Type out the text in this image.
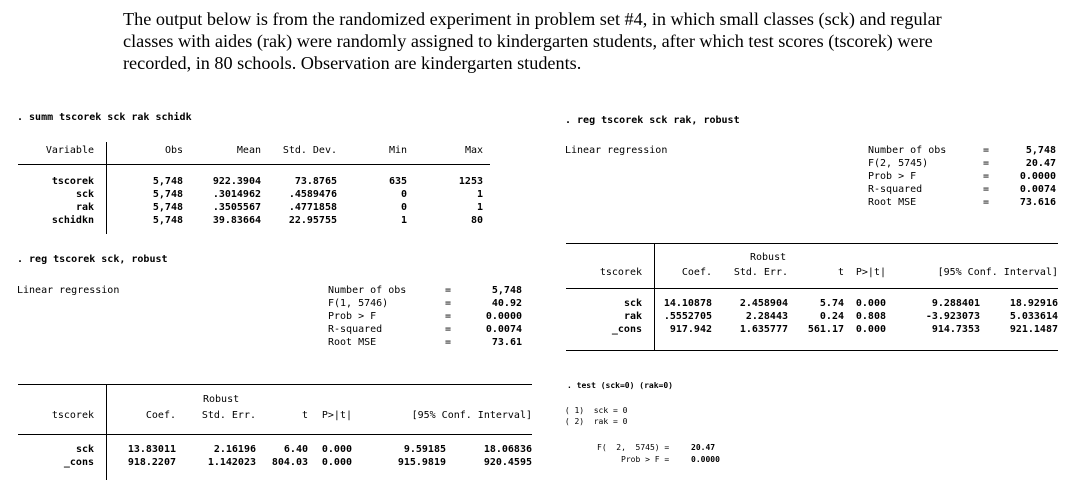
The output below is from the randomized experiment in problem set #4, in which small classes (sck) and regular classes with aides (rak) were randomly assigned to kindergarten students, after which test scores (tscorek) were recorded, in 80 schools. Observation are kindergarten students.

. summ tscorek sck rak schidk
Variable		Obs	Mean	Std. Dev.	Min	Max
tscorek		5,748	922.3904	73.8765	635	1253
sck		5,748	.3014962	.4589476	0	1
rak		5,748	.3505567	.4771858	0	1
schidkn		5,748	39.83664	22.95755	1	80
. reg tscorek sck, robust
Linear regression	Number of obs	=	5,748
F(1, 5746)	=	40.92
Prob > F	=	0.0000
R-squared	=	0.0074
Root MSE	=	73.61
Robust
tscorek		Coef.	Std. Err.	t	P>|t|	[95% Conf. Interval]
sck		13.83011	2.16196	6.40	0.000	9.59185	18.06836
_cons		918.2207	1.142023	804.03	0.000	915.9819	920.4595
. reg tscorek sck rak, robust
Linear regression	Number of obs	=	5,748
F(2, 5745)	=	20.47
Prob > F	=	0.0000
R-squared	=	0.0074
Root MSE	=	73.616
Robust
tscorek		Coef.	Std. Err.	t	P>|t|	[95% Conf. Interval]
sck		14.10878	2.458904	5.74	0.000	9.288401	18.92916
rak		.5552705	2.28443	0.24	0.808	-3.923073	5.033614
_cons		917.942	1.635777	561.17	0.000	914.7353	921.1487
. test (sck=0) (rak=0)
( 1)  sck = 0
( 2)  rak = 0
F(  2,  5745) =	20.47
Prob > F =	0.0000
